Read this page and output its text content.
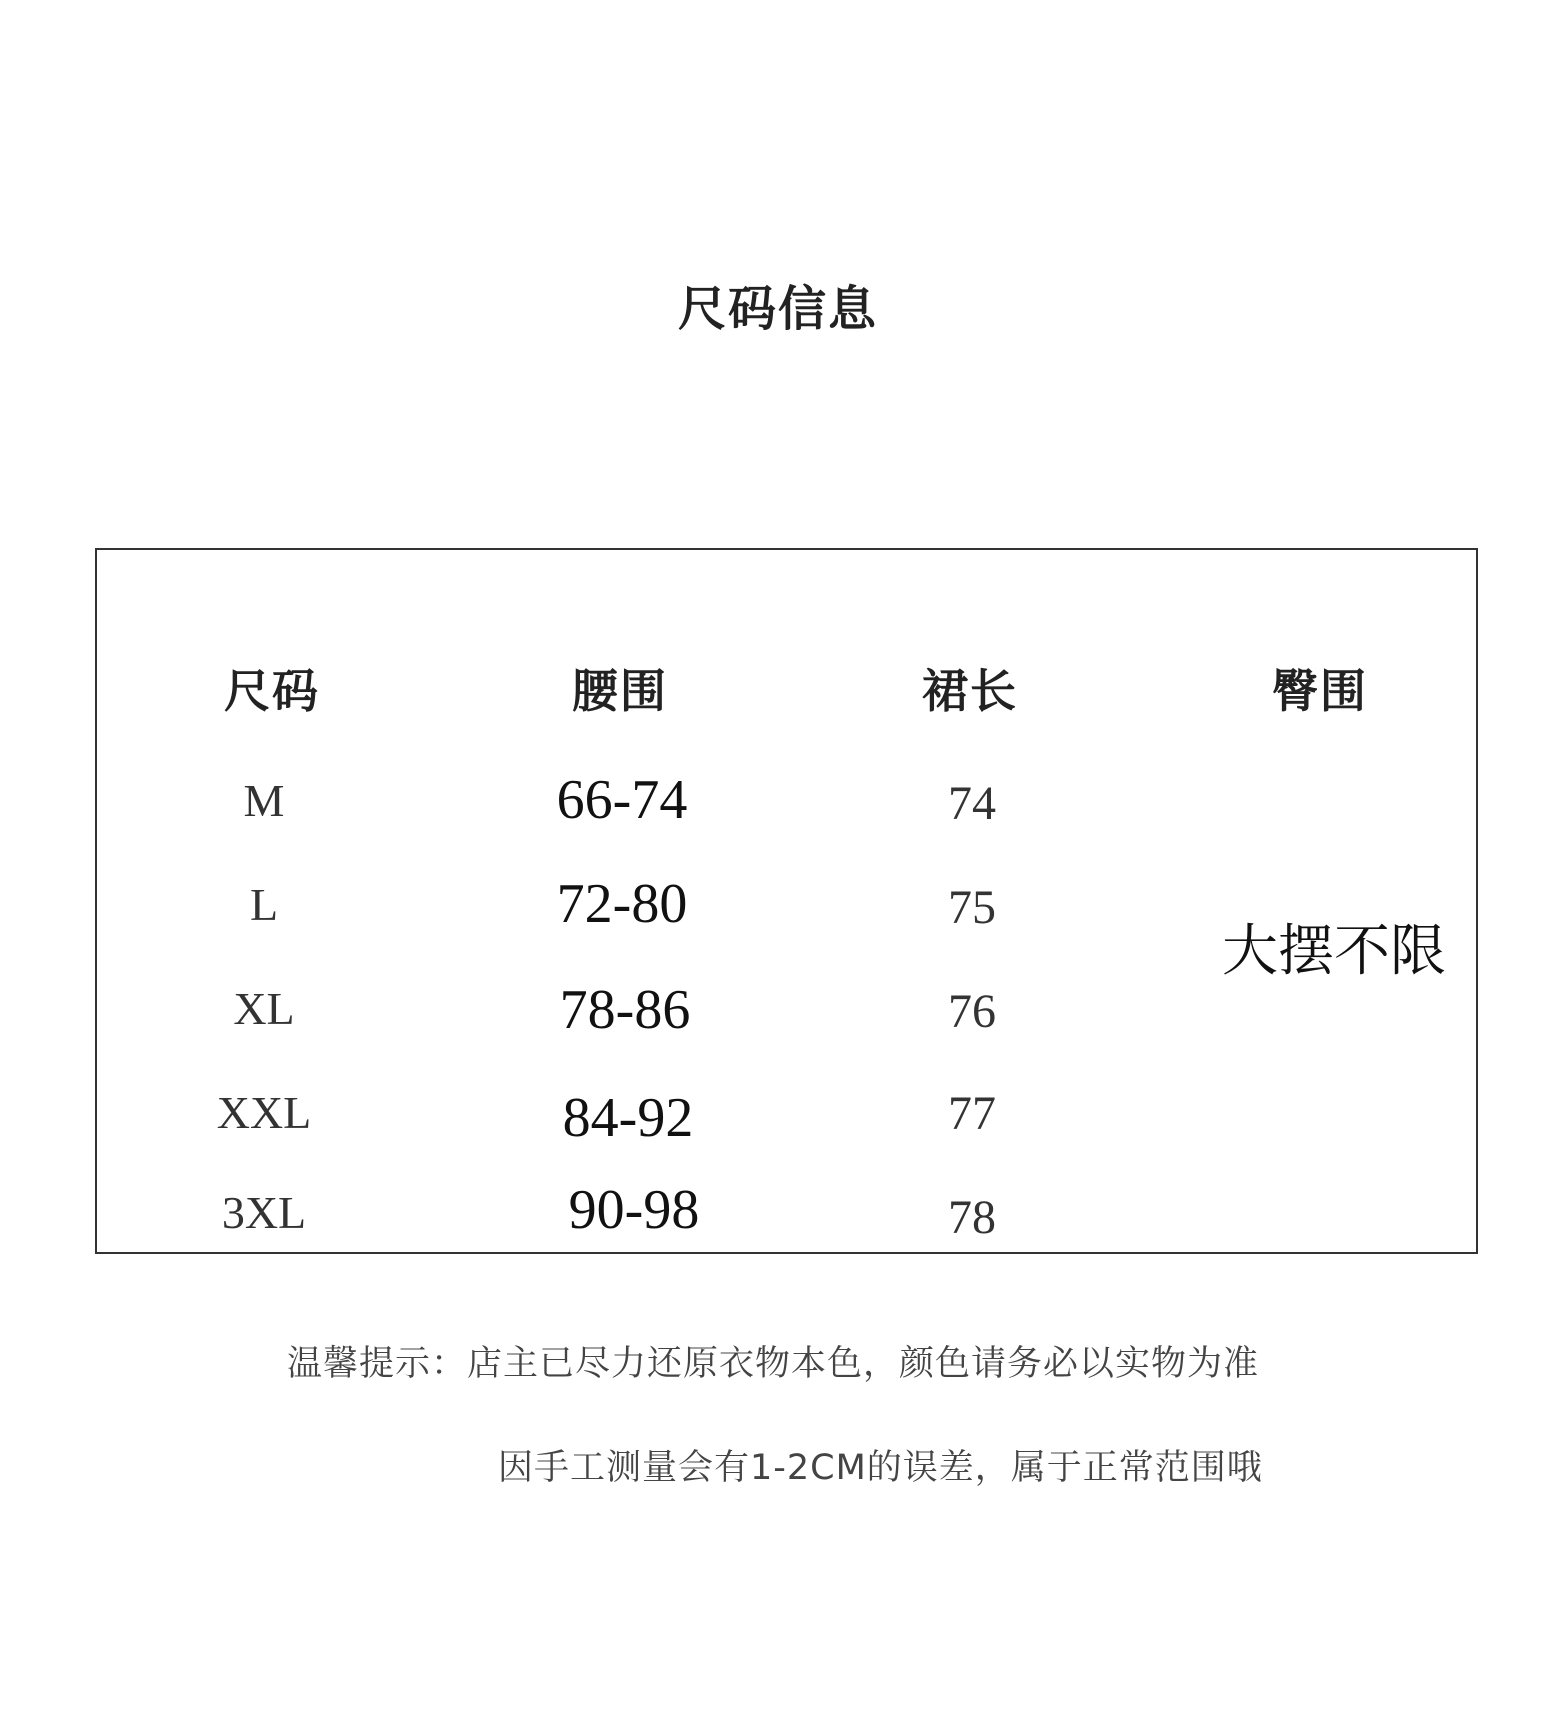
尺码信息
尺码	腰围	裙长	臀围
M	66-74	74
L	72-80	75
XL	78-86	76
XXL	84-92	77
3XL	90-98	78
大摆不限
温馨提示：店主已尽力还原衣物本色，颜色请务必以实物为准
因手工测量会有1-2CM的误差，属于正常范围哦
